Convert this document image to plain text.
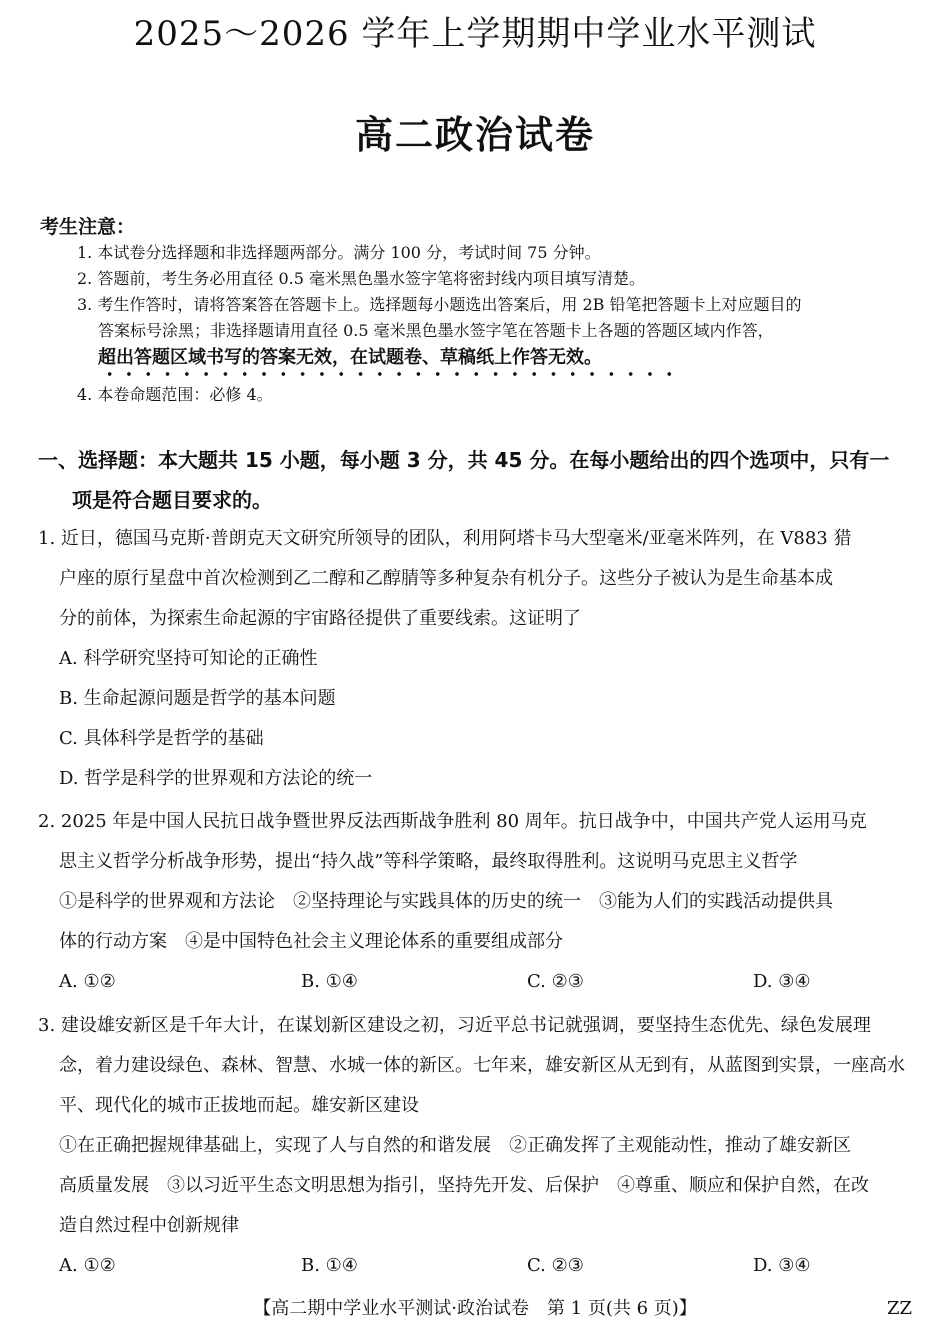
2025～2026 学年上学期期中学业水平测试
高二政治试卷
考生注意：
1. 本试卷分选择题和非选择题两部分。满分 100 分，考试时间 75 分钟。
2. 答题前，考生务必用直径 0.5 毫米黑色墨水签字笔将密封线内项目填写清楚。
3. 考生作答时，请将答案答在答题卡上。选择题每小题选出答案后，用 2B 铅笔把答题卡上对应题目的
答案标号涂黑；非选择题请用直径 0.5 毫米黑色墨水签字笔在答题卡上各题的答题区域内作答，
超出答题区域书写的答案无效，在试题卷、草稿纸上作答无效。
4. 本卷命题范围：必修 4。
一、选择题：本大题共 15 小题，每小题 3 分，共 45 分。在每小题给出的四个选项中，只有一
项是符合题目要求的。

1. 近日，德国马克斯·普朗克天文研究所领导的团队，利用阿塔卡马大型毫米/亚毫米阵列，在 V883 猎

户座的原行星盘中首次检测到乙二醇和乙醇腈等多种复杂有机分子。这些分子被认为是生命基本成

分的前体，为探索生命起源的宇宙路径提供了重要线索。这证明了

A. 科学研究坚持可知论的正确性

B. 生命起源问题是哲学的基本问题

C. 具体科学是哲学的基础

D. 哲学是科学的世界观和方法论的统一

2. 2025 年是中国人民抗日战争暨世界反法西斯战争胜利 80 周年。抗日战争中，中国共产党人运用马克

思主义哲学分析战争形势，提出“持久战”等科学策略，最终取得胜利。这说明马克思主义哲学

①是科学的世界观和方法论　②坚持理论与实践具体的历史的统一　③能为人们的实践活动提供具

体的行动方案　④是中国特色社会主义理论体系的重要组成部分

A. ①②	B. ①④	C. ②③	D. ③④

3. 建设雄安新区是千年大计，在谋划新区建设之初，习近平总书记就强调，要坚持生态优先、绿色发展理

念，着力建设绿色、森林、智慧、水城一体的新区。七年来，雄安新区从无到有，从蓝图到实景，一座高水

平、现代化的城市正拔地而起。雄安新区建设

①在正确把握规律基础上，实现了人与自然的和谐发展　②正确发挥了主观能动性，推动了雄安新区

高质量发展　③以习近平生态文明思想为指引，坚持先开发、后保护　④尊重、顺应和保护自然，在改

造自然过程中创新规律

A. ①②	B. ①④	C. ②③	D. ③④
【高二期中学业水平测试·政治试卷　第 1 页(共 6 页)】	ZZ
